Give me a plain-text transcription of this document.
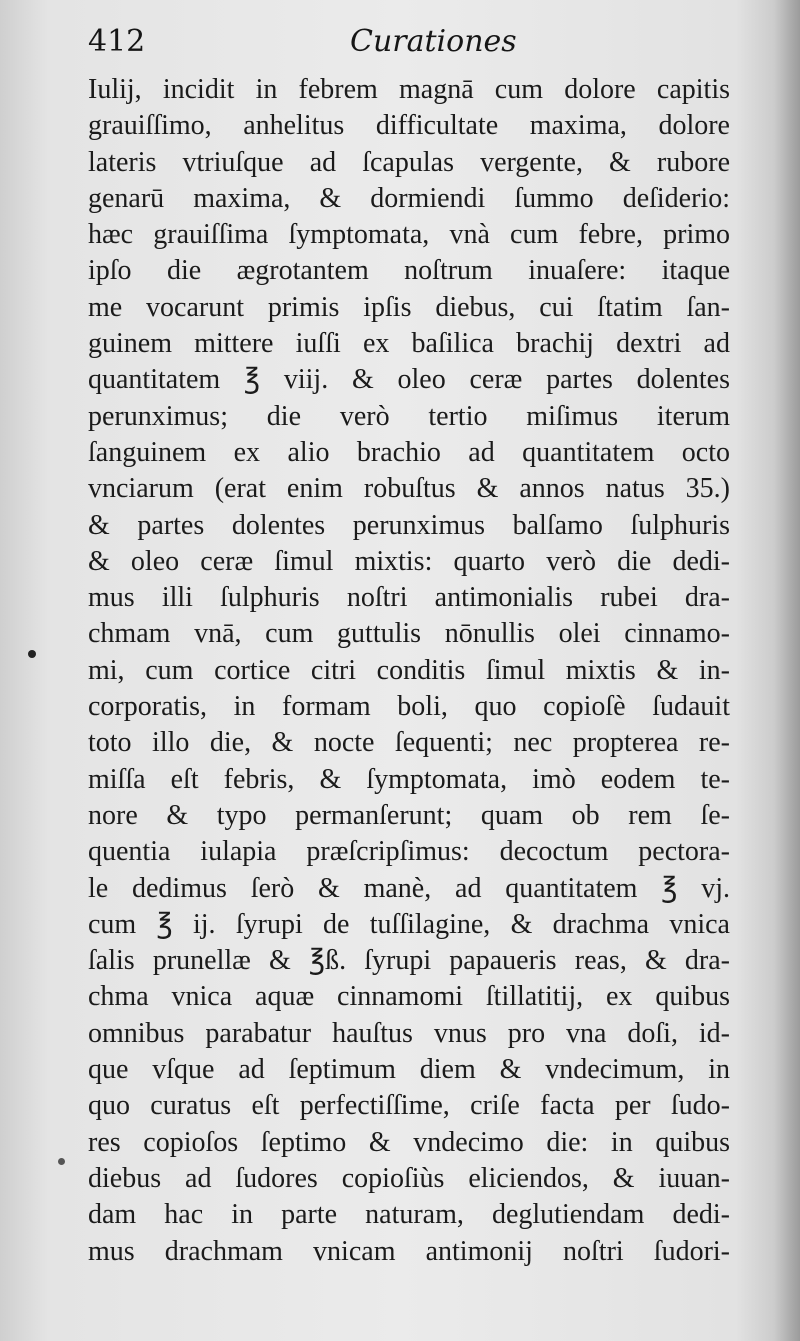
412	Curationes
Iulij, incidit in febrem magnā cum dolore capitis
grauiſſimo, anhelitus difficultate maxima, dolore
lateris vtriuſque ad ſcapulas vergente, & rubore
genarū maxima, & dormiendi ſummo deſiderio:
hæc grauiſſima ſymptomata, vnà cum febre, primo
ipſo die ægrotantem noſtrum inuaſere: itaque
me vocarunt primis ipſis diebus, cui ſtatim ſan-
guinem mittere iuſſi ex baſilica brachij dextri ad
quantitatem ℥ viij. & oleo ceræ partes dolentes
perunximus; die verò tertio miſimus iterum
ſanguinem ex alio brachio ad quantitatem octo
vnciarum (erat enim robuſtus & annos natus 35.)
& partes dolentes perunximus balſamo ſulphuris
& oleo ceræ ſimul mixtis: quarto verò die dedi-
mus illi ſulphuris noſtri antimonialis rubei dra-
chmam vnā, cum guttulis nōnullis olei cinnamo-
mi, cum cortice citri conditis ſimul mixtis & in-
corporatis, in formam boli, quo copioſè ſudauit
toto illo die, & nocte ſequenti; nec propterea re-
miſſa eſt febris, & ſymptomata, imò eodem te-
nore & typo permanſerunt; quam ob rem ſe-
quentia iulapia præſcripſimus: decoctum pectora-
le dedimus ſerò & manè, ad quantitatem ℥ vj.
cum ℥ ij. ſyrupi de tuſſilagine, & drachma vnica
ſalis prunellæ & ℥ß. ſyrupi papaueris reas, & dra-
chma vnica aquæ cinnamomi ſtillatitij, ex quibus
omnibus parabatur hauſtus vnus pro vna doſi, id-
que vſque ad ſeptimum diem & vndecimum, in
quo curatus eſt perfectiſſime, criſe facta per ſudo-
res copioſos ſeptimo & vndecimo die: in quibus
diebus ad ſudores copioſiùs eliciendos, & iuuan-
dam hac in parte naturam, deglutiendam dedi-
mus drachmam vnicam antimonij noſtri ſudori-
